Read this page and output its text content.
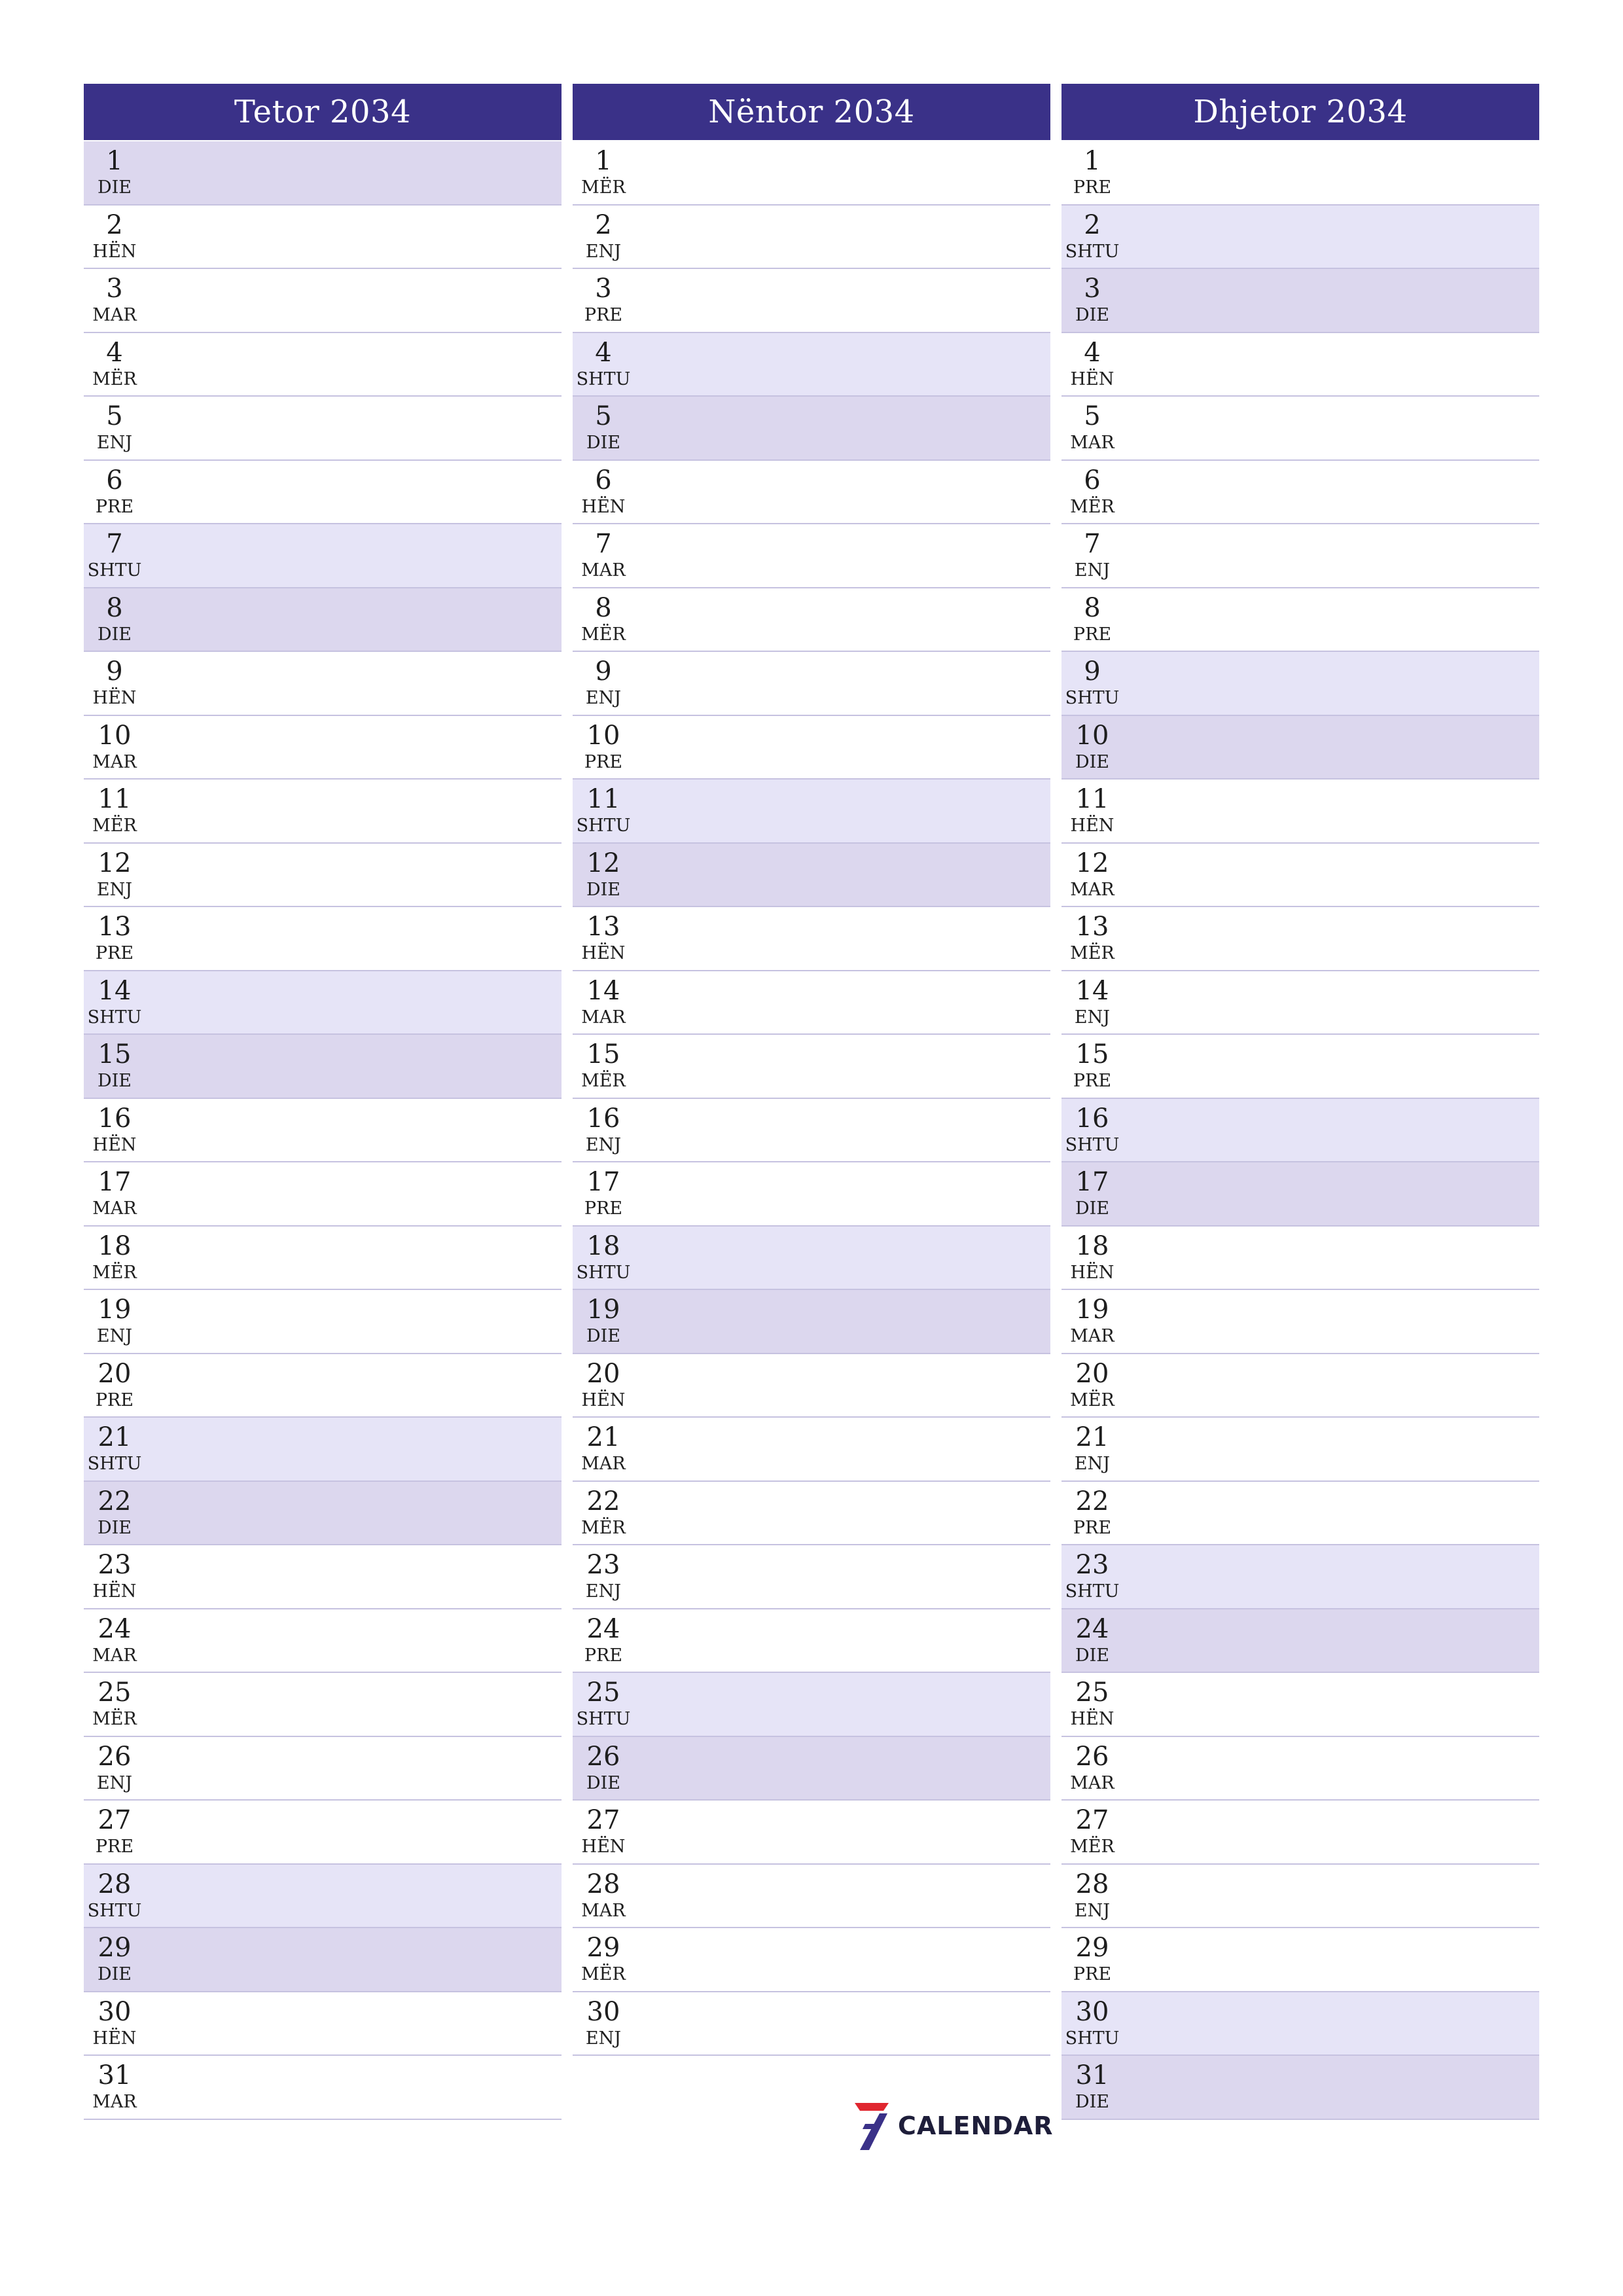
Tetor 2034
1
DIE
2
HËN
3
MAR
4
MËR
5
ENJ
6
PRE
7
SHTU
8
DIE
9
HËN
10
MAR
11
MËR
12
ENJ
13
PRE
14
SHTU
15
DIE
16
HËN
17
MAR
18
MËR
19
ENJ
20
PRE
21
SHTU
22
DIE
23
HËN
24
MAR
25
MËR
26
ENJ
27
PRE
28
SHTU
29
DIE
30
HËN
31
MAR
Nëntor 2034
1
MËR
2
ENJ
3
PRE
4
SHTU
5
DIE
6
HËN
7
MAR
8
MËR
9
ENJ
10
PRE
11
SHTU
12
DIE
13
HËN
14
MAR
15
MËR
16
ENJ
17
PRE
18
SHTU
19
DIE
20
HËN
21
MAR
22
MËR
23
ENJ
24
PRE
25
SHTU
26
DIE
27
HËN
28
MAR
29
MËR
30
ENJ
Dhjetor 2034
1
PRE
2
SHTU
3
DIE
4
HËN
5
MAR
6
MËR
7
ENJ
8
PRE
9
SHTU
10
DIE
11
HËN
12
MAR
13
MËR
14
ENJ
15
PRE
16
SHTU
17
DIE
18
HËN
19
MAR
20
MËR
21
ENJ
22
PRE
23
SHTU
24
DIE
25
HËN
26
MAR
27
MËR
28
ENJ
29
PRE
30
SHTU
31
DIE
CALENDAR
